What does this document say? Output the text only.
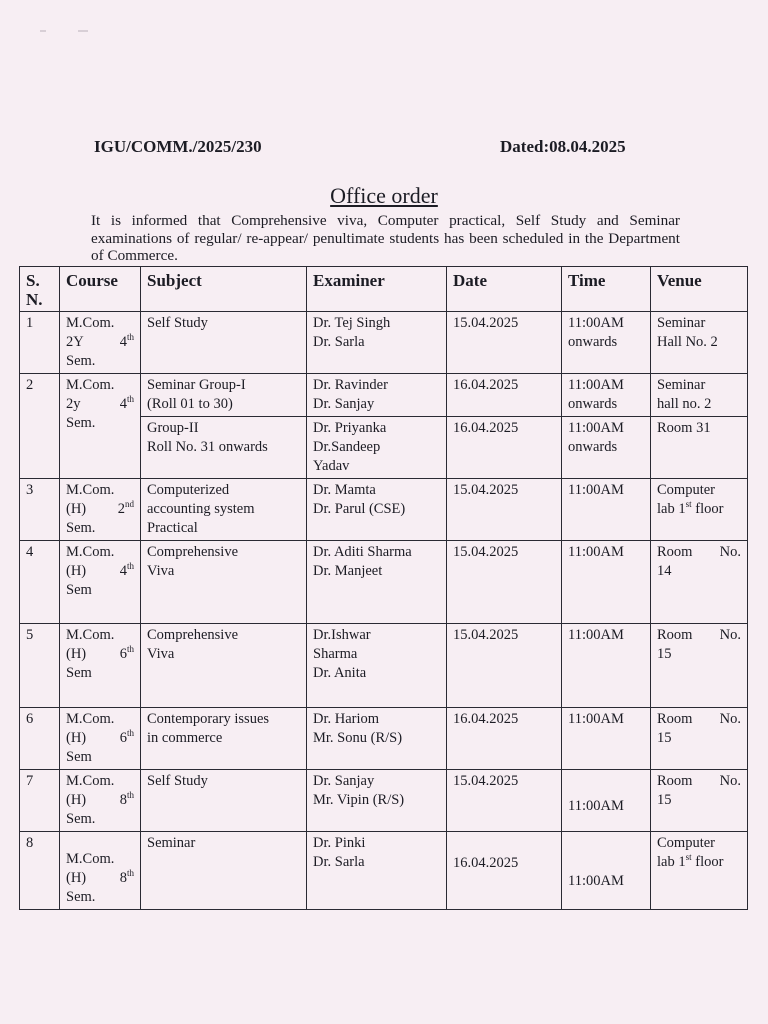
IGU/COMM./2025/230	Dated:08.04.2025
Office order
It is informed that Comprehensive viva, Computer practical, Self Study and Seminar examinations of regular/ re-appear/ penultimate students has been scheduled in the Department of Commerce.
S.
N.	Course	Subject	Examiner	Date	Time	Venue
1	M.Com.
2Y 4th
Sem.	Self Study	Dr. Tej Singh
Dr. Sarla	15.04.2025	11:00AM
onwards	Seminar
Hall No. 2

2	M.Com.
2y 4th
Sem.	Seminar Group-I
(Roll 01 to 30)	Dr. Ravinder
Dr. Sanjay	16.04.2025	11:00AM
onwards	Seminar
hall no. 2

		Group-II
Roll No. 31 onwards	Dr. Priyanka
Dr.Sandeep
Yadav	16.04.2025	11:00AM
onwards	Room 31

3	M.Com.
(H) 2nd
Sem.	Computerized
accounting system
Practical	Dr. Mamta
Dr. Parul (CSE)	15.04.2025	11:00AM	Computer
lab 1st floor

4	M.Com.
(H) 4th
Sem	Comprehensive
Viva	Dr. Aditi Sharma
Dr. Manjeet	15.04.2025	11:00AM	Room No.
14

5	M.Com.
(H) 6th
Sem	Comprehensive
Viva	Dr.Ishwar
Sharma
Dr. Anita	15.04.2025	11:00AM	Room No.
15

6	M.Com.
(H) 6th
Sem	Contemporary issues
in commerce	Dr. Hariom
Mr. Sonu (R/S)	16.04.2025	11:00AM	Room No.
15

7	M.Com.
(H) 8th
Sem.	Self Study	Dr. Sanjay
Mr. Vipin (R/S)	15.04.2025	11:00AM	Room No.
15

8	M.Com.
(H) 8th
Sem.	Seminar	Dr. Pinki
Dr. Sarla	16.04.2025	11:00AM	Computer
lab 1st floor
